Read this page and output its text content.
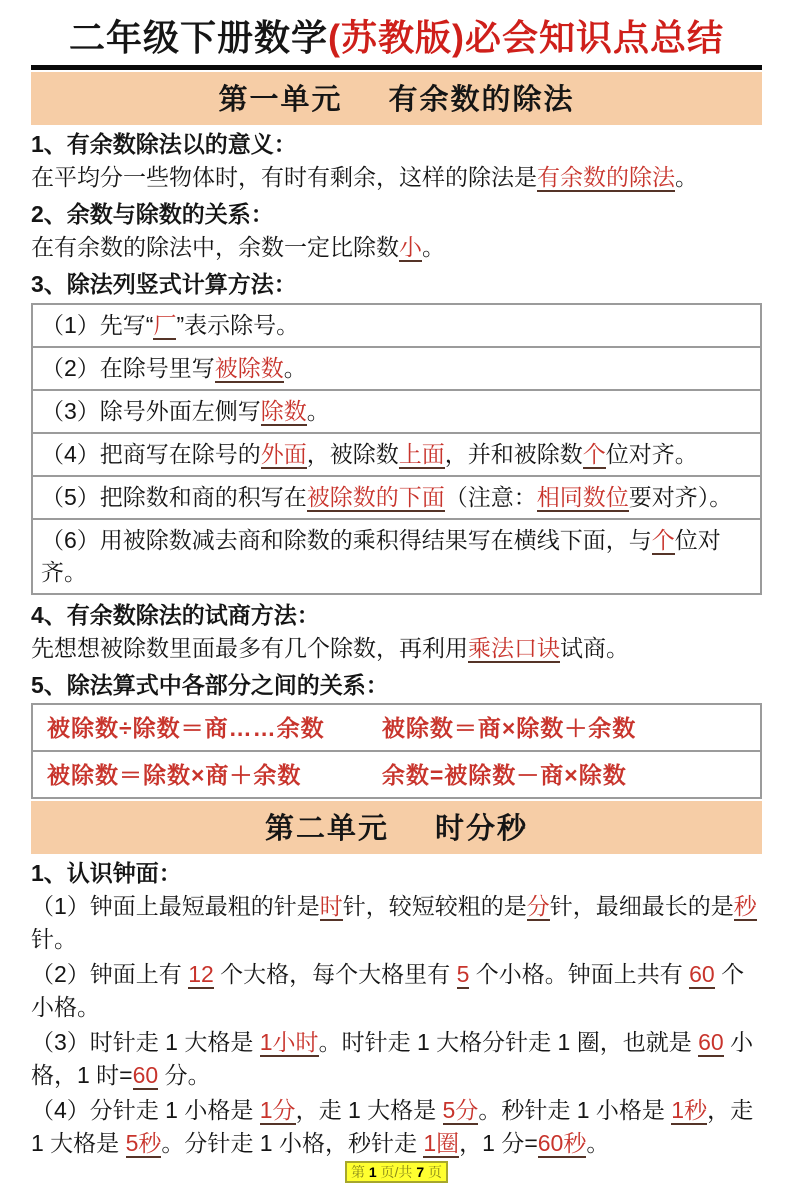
二年级下册数学(苏教版)必会知识点总结
第一单元 有余数的除法
1、有余数除法以的意义：
在平均分一些物体时，有时有剩余，这样的除法是有余数的除法。
2、余数与除数的关系：
在有余数的除法中，余数一定比除数小。
3、除法列竖式计算方法：
（1）先写“厂”表示除号。
（2）在除号里写被除数。
（3）除号外面左侧写除数。
（4）把商写在除号的外面，被除数上面，并和被除数个位对齐。
（5）把除数和商的积写在被除数的下面（注意：相同数位要对齐）。
（6）用被除数减去商和除数的乘积得结果写在横线下面，与个位对齐。
4、有余数除法的试商方法：
先想想被除数里面最多有几个除数，再利用乘法口诀试商。
5、除法算式中各部分之间的关系：
被除数÷除数＝商……余数	被除数＝商×除数＋余数
被除数＝除数×商＋余数	余数=被除数－商×除数
第二单元 时分秒
1、认识钟面：
（1）钟面上最短最粗的针是时针，较短较粗的是分针，最细最长的是秒针。
（2）钟面上有 12 个大格，每个大格里有 5 个小格。钟面上共有 60 个小格。
（3）时针走 1 大格是 1小时。时针走 1 大格分针走 1 圈，也就是 60 小格，1 时=60 分。
（4）分针走 1 小格是 1分，走 1 大格是 5分。秒针走 1 小格是 1秒，走 1 大格是 5秒。分针走 1 小格，秒针走 1圈，1 分=60秒。
第 1 页/共 7 页
